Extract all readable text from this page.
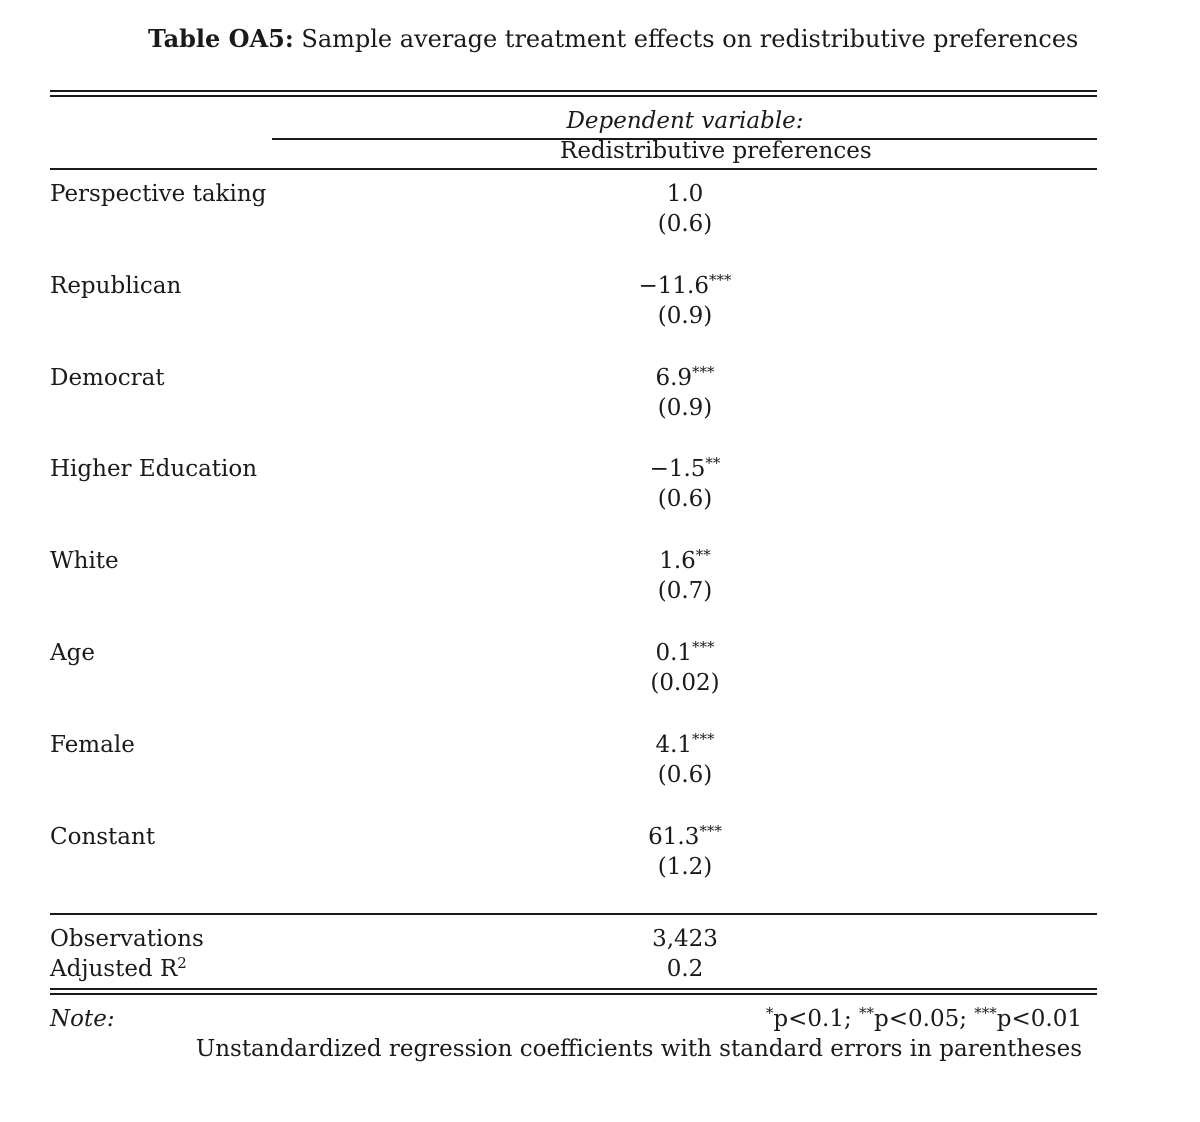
Table OA5: Sample average treatment effects on redistributive preferences
Dependent variable:
Redistributive preferences
Perspective taking	1.0
(0.6)
Republican	−11.6***
(0.9)
Democrat	6.9***
(0.9)
Higher Education	−1.5**
(0.6)
White	1.6**
(0.7)
Age	0.1***
(0.02)
Female	4.1***
(0.6)
Constant	61.3***
(1.2)
Observations	3,423
Adjusted $R^2$	0.2
Note:	*p<0.1; **p<0.05; ***p<0.01
Unstandardized regression coefficients with standard errors in parentheses
